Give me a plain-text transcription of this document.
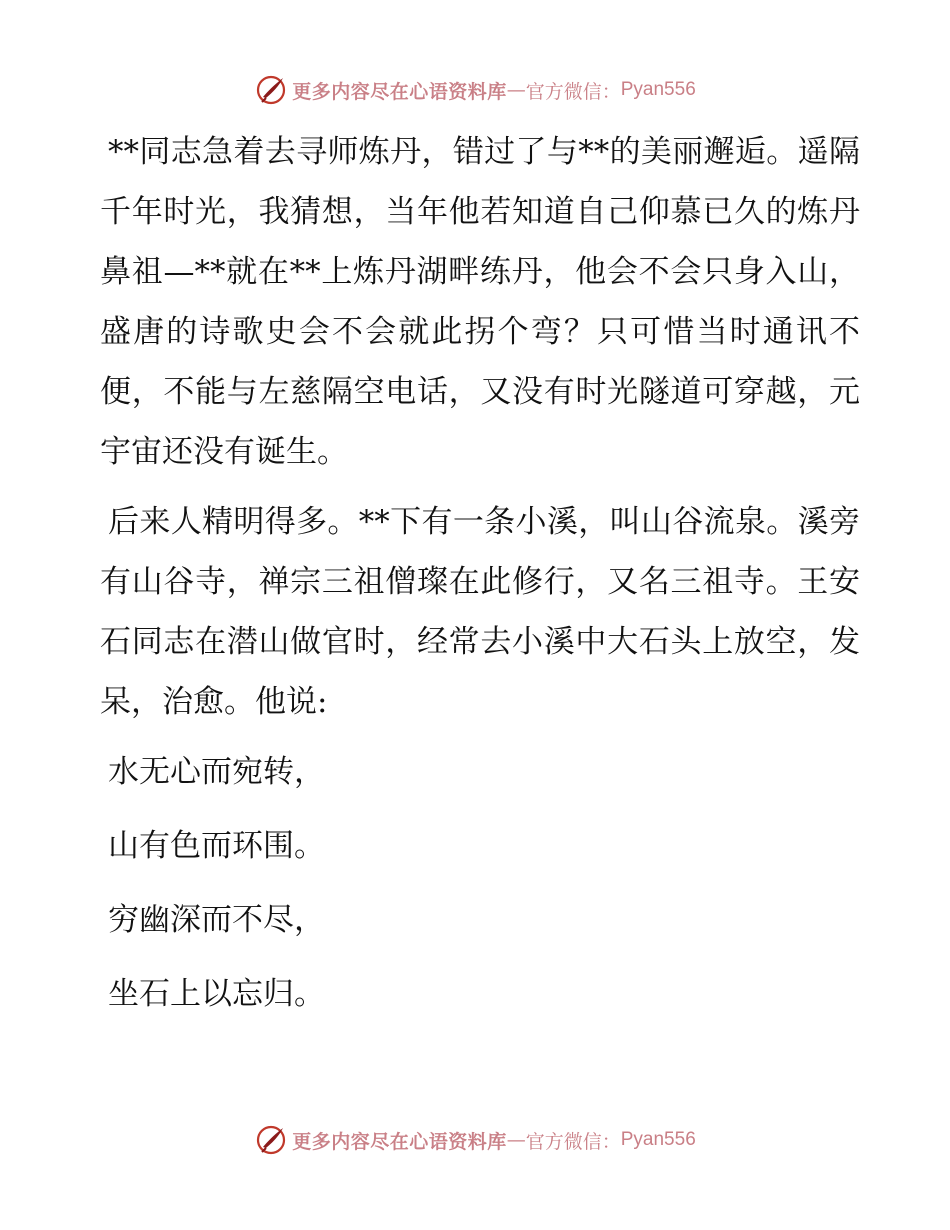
更多内容尽在心语资料库 — 官方微信： Pyan556

**同志急着去寻师炼丹，错过了与**的美丽邂逅。遥隔千年时光，我猜想，当年他若知道自己仰慕已久的炼丹鼻祖—**就在**上炼丹湖畔练丹，他会不会只身入山，盛唐的诗歌史会不会就此拐个弯？只可惜当时通讯不便，不能与左慈隔空电话，又没有时光隧道可穿越，元宇宙还没有诞生。

后来人精明得多。**下有一条小溪，叫山谷流泉。溪旁有山谷寺，禅宗三祖僧璨在此修行，又名三祖寺。王安石同志在潜山做官时，经常去小溪中大石头上放空，发呆，治愈。他说:

水无心而宛转，

山有色而环围。

穷幽深而不尽，

坐石上以忘归。

更多内容尽在心语资料库 — 官方微信： Pyan556
